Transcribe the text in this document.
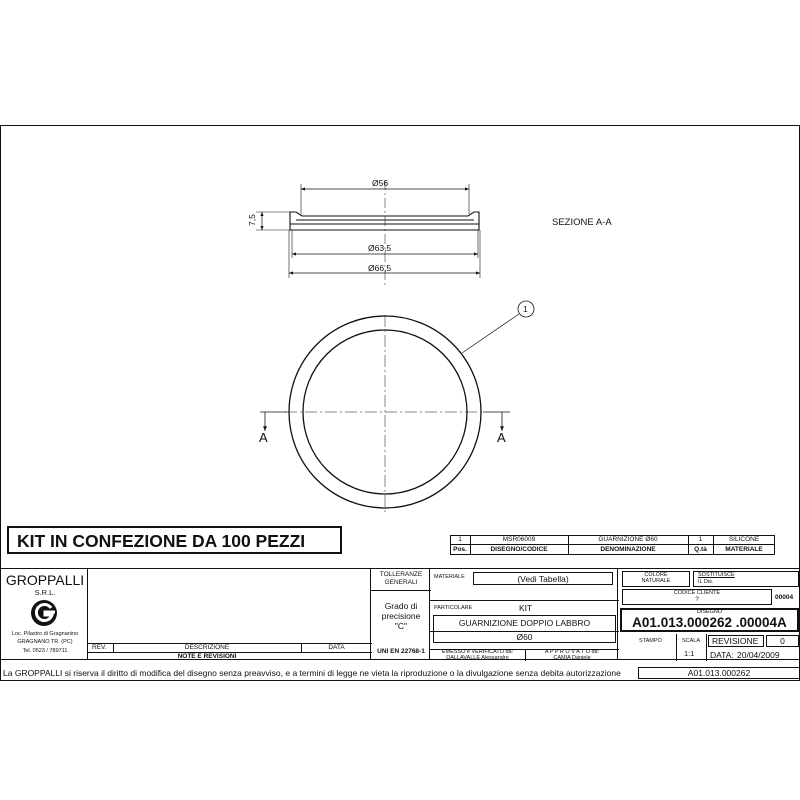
Ø56
7,5
Ø63,5
Ø66,5
SEZIONE A-A
1
A	A
KIT IN CONFEZIONE DA 100 PEZZI	1	MSR06009	GUARNIZIONE Ø60	1	SILICONE
Pos.	DISEGNO/CODICE	DENOMINAZIONE	Q.tà	MATERIALE
GROPPALLI
S.R.L.
Loc. Pilastro di Gragnanino
GRAGNANO TR. (PC)
Tel. 0523 / 789711	REV.	DESCRIZIONE	DATA
NOTE E REVISIONI
TOLLERANZE
GENERALI
Grado di
precisione
"C"
UNI EN 22768-1
MATERIALE	(Vedi Tabella)
PARTICOLARE	KIT
GUARNIZIONE DOPPIO LABBRO
Ø60
EMESSO e VERIFICATO da:
DALLAVALLE Alessandro
A P P R O V A T O da:
CAMIA Daniele
COLORE
NATURALE
SOSTITUISCE
IL Dis.
CODICE CLIENTE
?	00004
DISEGNO
A01.013.000262 .00004A
STAMPO	SCALA
1:1
REVISIONE	0
DATA: 20/04/2009
A01.013.000262
La GROPPALLI si riserva il diritto di modifica del disegno senza preavviso, e a termini di legge ne vieta la riproduzione o la divulgazione senza debita autorizzazione
